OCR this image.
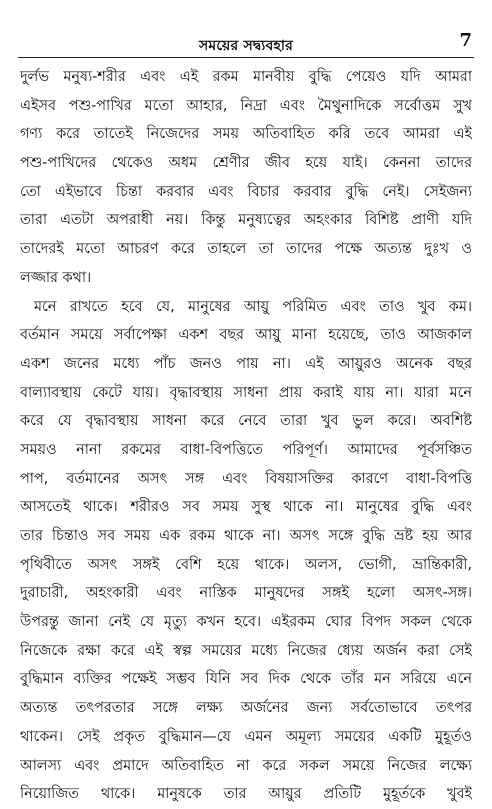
সময়ের সদ্ব্যবহার	7
দুর্লভ মনুষ্য-শরীর এবং এই রকম মানবীয় বুদ্ধি পেয়েও যদি আমরা
এইসব পশু-পাখির মতো আহার, নিদ্রা এবং মৈথুনাদিকে সর্বোত্তম সুখ
গণ্য করে তাতেই নিজেদের সময় অতিবাহিত করি তবে আমরা এই
পশু-পাখিদের থেকেও অধম শ্রেণীর জীব হয়ে যাই। কেননা তাদের
তো এইভাবে চিন্তা করবার এবং বিচার করবার বুদ্ধি নেই। সেইজন্য
তারা এতটা অপরাধী নয়। কিন্তু মনুষ্যত্বের অহংকার বিশিষ্ট প্রাণী যদি
তাদেরই মতো আচরণ করে তাহলে তা তাদের পক্ষে অত্যন্ত দুঃখ ও
লজ্জার কথা।
মনে রাখতে হবে যে, মানুষের আয়ু পরিমিত এবং তাও খুব কম।
বর্তমান সময়ে সর্বাপেক্ষা একশ বছর আয়ু মানা হয়েছে, তাও আজকাল
একশ জনের মধ্যে পাঁচ জনও পায় না। এই আয়ুরও অনেক বছর
বাল্যাবস্থায় কেটে যায়। বৃদ্ধাবস্থায় সাধনা প্রায় করাই যায় না। যারা মনে
করে যে বৃদ্ধাবস্থায় সাধনা করে নেবে তারা খুব ভুল করে। অবশিষ্ট
সময়ও নানা রকমের বাধা-বিপত্তিতে পরিপূর্ণ। আমাদের পূর্বসঞ্চিত
পাপ, বর্তমানের অসৎ সঙ্গ এবং বিষয়াসক্তির কারণে বাধা-বিপত্তি
আসতেই থাকে। শরীরও সব সময় সুস্থ থাকে না। মানুষের বুদ্ধি এবং
তার চিন্তাও সব সময় এক রকম থাকে না। অসৎ সঙ্গে বুদ্ধি ভ্রষ্ট হয় আর
পৃথিবীতে অসৎ সঙ্গই বেশি হয়ে থাকে। অলস, ভোগী, ভ্রান্তিকারী,
দুরাচারী, অহংকারী এবং নাস্তিক মানুষদের সঙ্গই হলো অসৎ-সঙ্গ।
উপরন্তু জানা নেই যে মৃত্যু কখন হবে। এইরকম ঘোর বিপদ সকল থেকে
নিজেকে রক্ষা করে এই স্বল্প সময়ের মধ্যে নিজের ধ্যেয় অর্জন করা সেই
বুদ্ধিমান ব্যক্তির পক্ষেই সম্ভব যিনি সব দিক থেকে তাঁর মন সরিয়ে এনে
অত্যন্ত তৎপরতার সঙ্গে লক্ষ্য অর্জনের জন্য সর্বতোভাবে তৎপর
থাকেন। সেই প্রকৃত বুদ্ধিমান—যে এমন অমূল্য সময়ের একটি মুহূর্তও
আলস্য এবং প্রমাদে অতিবাহিত না করে সকল সময়ে নিজের লক্ষ্যে
নিয়োজিত থাকে। মানুষকে তার আয়ুর প্রতিটি মুহূর্তকে খুবই
